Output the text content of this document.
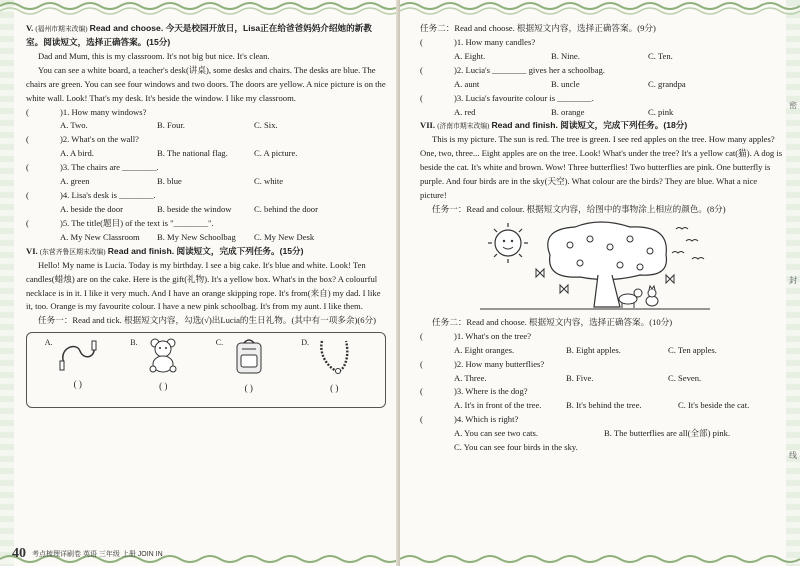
V. (福州市期末改编) Read and choose. 今天是校园开放日，Lisa正在给爸爸妈妈介绍她的新教室。阅读短文，选择正确答案。(15分)

Dad and Mum, this is my classroom. It's not big but nice. It's clean.

You can see a white board, a teacher's desk(讲桌), some desks and chairs. The desks are blue. The chairs are green. You can see four windows and two doors. The doors are yellow. A nice picture is on the white wall. Look! That's my desk. It's beside the window. I like my classroom.

(	)1. How many windows?

A. Two.	B. Four.	C. Six.

(	)2. What's on the wall?

A. A bird.	B. The national flag.	C. A picture.

(	)3. The chairs are ________.

A. green	B. blue	C. white

(	)4. Lisa's desk is ________.

A. beside the door	B. beside the window	C. behind the door

(	)5. The title(题目) of the text is "________".

A. My New Classroom	B. My New Schoolbag	C. My New Desk

VI. (东营齐鲁区期末改编) Read and finish. 阅读短文，完成下列任务。(15分)

Hello! My name is Lucia. Today is my birthday. I see a big cake. It's blue and white. Look! Ten candles(蜡烛) are on the cake. Here is the gift(礼物). It's a yellow box. What's in the box? A colourful necklace is in it. I like it very much. And I have an orange skipping rope. It's from(来自) my dad. I like it, too. Orange is my favourite colour. I have a new pink schoolbag. It's from my aunt. I like them.

任务一：Read and tick. 根据短文内容，勾选(√)出Lucia的生日礼物。(其中有一项多余)(6分)

A.
( )
B.
( )
C.
( )
D.
( )
40 考点梳理详刷卷 英语 三年级 上册 JOIN IN
密
封
线

任务二：Read and choose. 根据短文内容，选择正确答案。(9分)

(	)1. How many candles?

A. Eight.	B. Nine.	C. Ten.

(	)2. Lucia's ________ gives her a schoolbag.

A. aunt	B. uncle	C. grandpa

(	)3. Lucia's favourite colour is ________.

A. red	B. orange	C. pink

VII. (济南市期末改编) Read and finish. 阅读短文，完成下列任务。(18分)

This is my picture. The sun is red. The tree is green. I see red apples on the tree. How many apples? One, two, three... Eight apples are on the tree. Look! What's under the tree? It's a yellow cat(猫). A dog is beside the cat. It's white and brown. Wow! Three butterflies! Two butterflies are pink. One butterfly is purple. And four birds are in the sky(天空). What colour are the birds? They are blue. What a nice picture!

任务一：Read and colour. 根据短文内容，给图中的事物涂上相应的颜色。(8分)

任务二：Read and choose. 根据短文内容，选择正确答案。(10分)

(	)1. What's on the tree?

A. Eight oranges.	B. Eight apples.	C. Ten apples.

(	)2. How many butterflies?

A. Three.	B. Five.	C. Seven.

(	)3. Where is the dog?

A. It's in front of the tree.	B. It's behind the tree.	C. It's beside the cat.

(	)4. Which is right?

A. You can see two cats.	B. The butterflies are all(全部) pink.

C. You can see four birds in the sky.
